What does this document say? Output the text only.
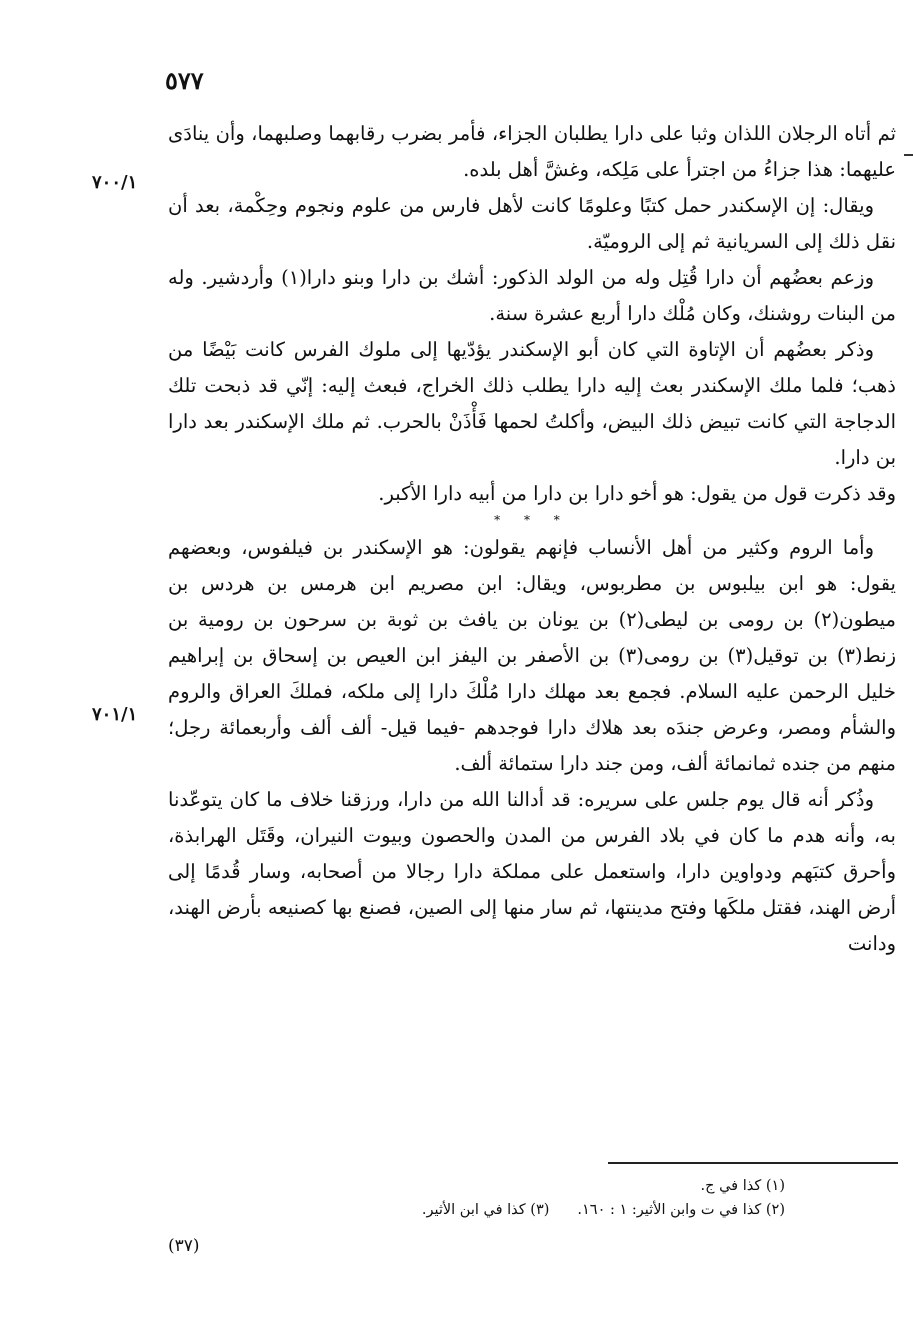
٥٧٧
٧٠٠/١
٧٠١/١

ثم أتاه الرجلان اللذان وثبا على دارا يطلبان الجزاء، فأمر بضرب رقابهما وصلبهما، وأن ينادَى عليهما: هذا جزاءُ من اجترأ على مَلِكه، وغشَّ أهل بلده.

ويقال: إن الإسكندر حمل كتبًا وعلومًا كانت لأهل فارس من علوم ونجوم وحِكْمة، بعد أن نقل ذلك إلى السريانية ثم إلى الروميّة.

وزعم بعضُهم أن دارا قُتِل وله من الولد الذكور: أشك بن دارا وبنو دارا(١) وأردشير. وله من البنات روشنك، وكان مُلْك دارا أربع عشرة سنة.

وذكر بعضُهم أن الإتاوة التي كان أبو الإسكندر يؤدّيها إلى ملوك الفرس كانت بَيْضًا من ذهب؛ فلما ملك الإسكندر بعث إليه دارا يطلب ذلك الخراج، فبعث إليه: إنّي قد ذبحت تلك الدجاجة التي كانت تبيض ذلك البيض، وأكلتُ لحمها فَأْذَنْ بالحرب. ثم ملك الإسكندر بعد دارا بن دارا.

وقد ذكرت قول من يقول: هو أخو دارا بن دارا من أبيه دارا الأكبر.

* * *

وأما الروم وكثير من أهل الأنساب فإنهم يقولون: هو الإسكندر بن فيلفوس، وبعضهم يقول: هو ابن بيلبوس بن مطربوس، ويقال: ابن مصريم ابن هرمس بن هردس بن ميطون(٢) بن رومى بن ليطى(٢) بن يونان بن يافث بن ثوبة بن سرحون بن رومية بن زنط(٣) بن توقيل(٣) بن رومى(٣) بن الأصفر بن اليفز ابن العيص بن إسحاق بن إبراهيم خليل الرحمن عليه السلام. فجمع بعد مهلك دارا مُلْكَ دارا إلى ملكه، فملكَ العراق والروم والشأم ومصر، وعرض جندَه بعد هلاك دارا فوجدهم -فيما قيل- ألف ألف وأربعمائة رجل؛ منهم من جنده ثمانمائة ألف، ومن جند دارا ستمائة ألف.

وذُكر أنه قال يوم جلس على سريره: قد أدالنا الله من دارا، ورزقنا خلاف ما كان يتوعّدنا به، وأنه هدم ما كان في بلاد الفرس من المدن والحصون وبيوت النيران، وقَتَل الهرابذة، وأحرق كتبَهم ودواوين دارا، واستعمل على مملكة دارا رجالا من أصحابه، وسار قُدمًا إلى أرض الهند، فقتل ملكَها وفتح مدينتها، ثم سار منها إلى الصين، فصنع بها كصنيعه بأرض الهند، ودانت

(١) كذا في ج.
(٢) كذا في ت وابن الأثير: ١ : ١٦٠.(٣) كذا في ابن الأثير.
(٣٧)
